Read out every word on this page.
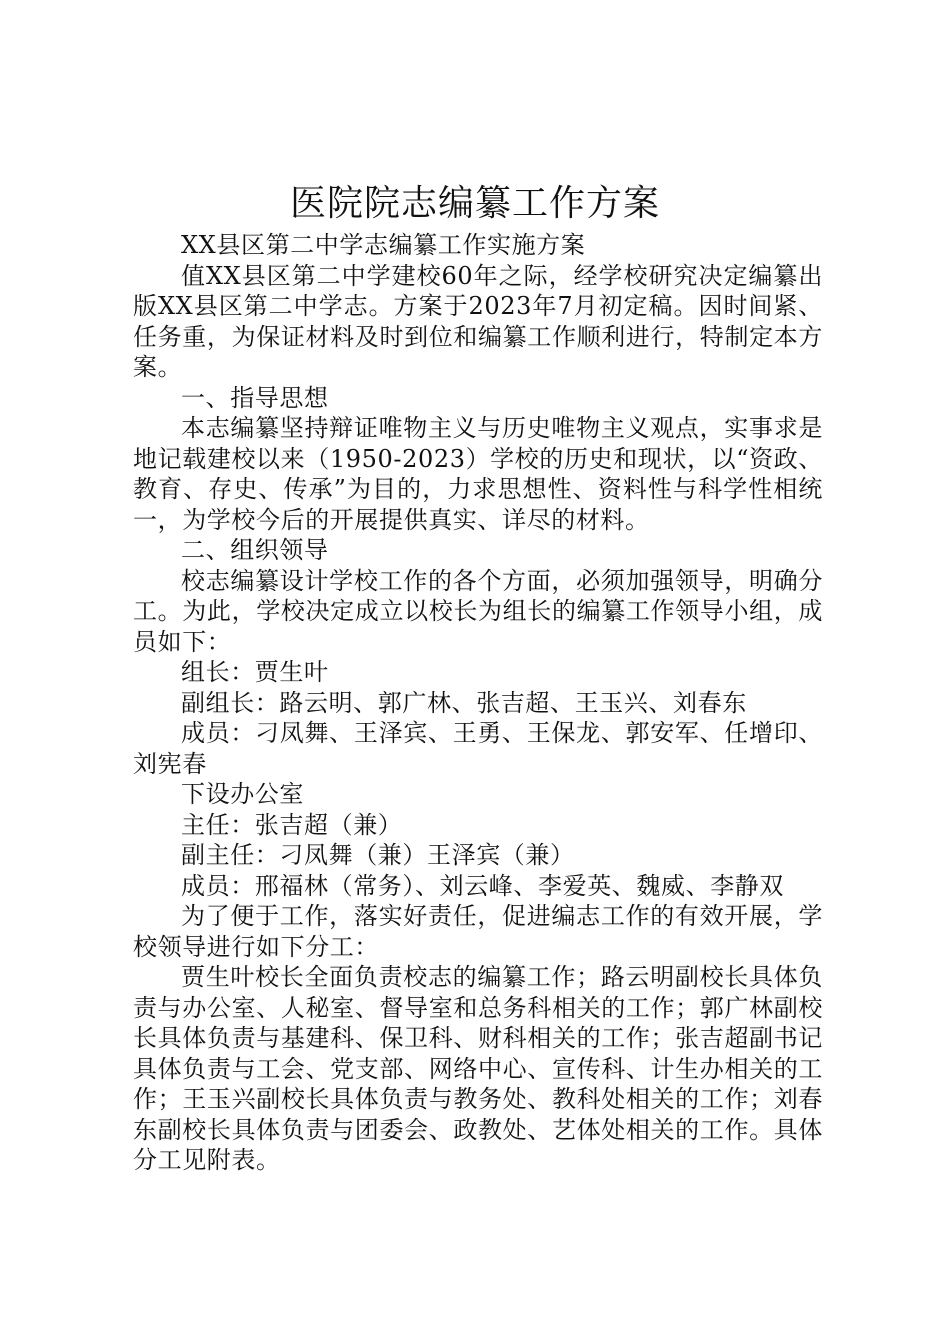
医院院志编纂工作方案

XX县区第二中学志编纂工作实施方案

值XX县区第二中学建校60年之际，经学校研究决定编纂出版XX县区第二中学志。方案于2023年7月初定稿。因时间紧、任务重，为保证材料及时到位和编纂工作顺利进行，特制定本方案。

一、指导思想

本志编纂坚持辩证唯物主义与历史唯物主义观点，实事求是地记载建校以来（1950-2023）学校的历史和现状，以“资政、教育、存史、传承”为目的，力求思想性、资料性与科学性相统一，为学校今后的开展提供真实、详尽的材料。

二、组织领导

校志编纂设计学校工作的各个方面，必须加强领导，明确分工。为此，学校决定成立以校长为组长的编纂工作领导小组，成员如下：

组长：贾生叶

副组长：路云明、郭广林、张吉超、王玉兴、刘春东

成员：刁凤舞、王泽宾、王勇、王保龙、郭安军、任增印、刘宪春

下设办公室

主任：张吉超（兼）

副主任：刁凤舞（兼）王泽宾（兼）

成员：邢福林（常务）、刘云峰、李爱英、魏威、李静双

为了便于工作，落实好责任，促进编志工作的有效开展，学校领导进行如下分工：

贾生叶校长全面负责校志的编纂工作；路云明副校长具体负责与办公室、人秘室、督导室和总务科相关的工作；郭广林副校长具体负责与基建科、保卫科、财科相关的工作；张吉超副书记具体负责与工会、党支部、网络中心、宣传科、计生办相关的工作；王玉兴副校长具体负责与教务处、教科处相关的工作；刘春东副校长具体负责与团委会、政教处、艺体处相关的工作。具体分工见附表。
